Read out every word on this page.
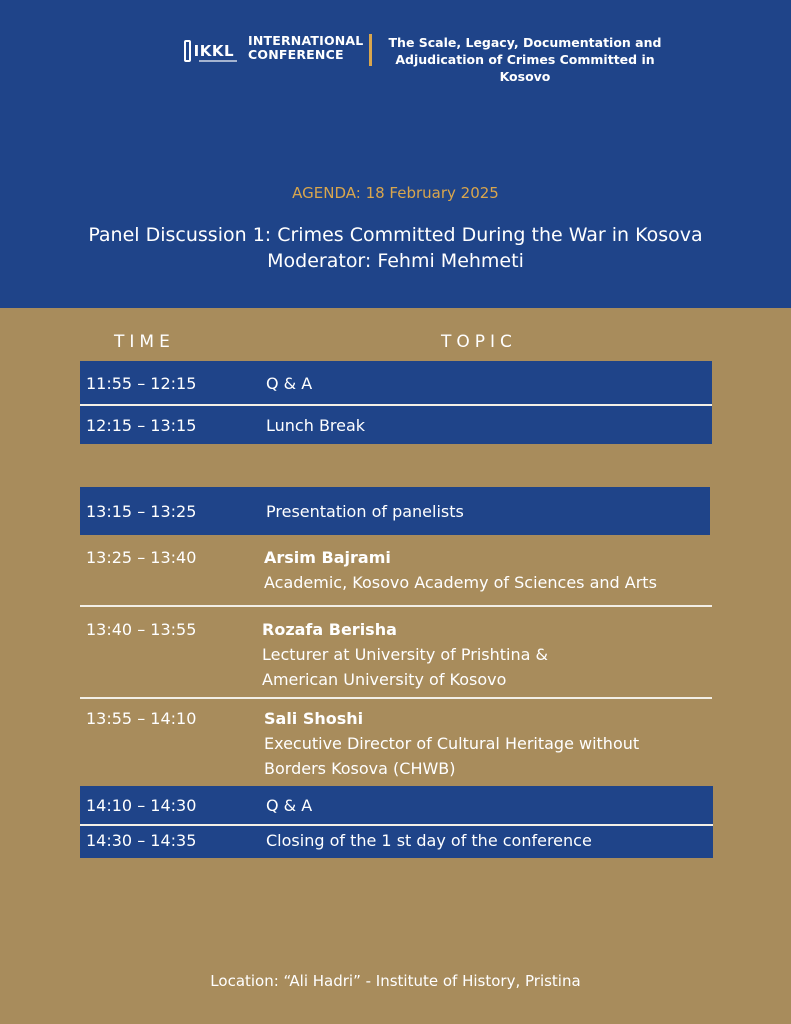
IKKL
INTERNATIONAL
CONFERENCE
The Scale, Legacy, Documentation and
Adjudication of Crimes Committed in Kosovo
AGENDA: 18 February 2025
Panel Discussion 1: Crimes Committed During the War in Kosova
Moderator: Fehmi Mehmeti
TIME	TOPIC
11:55 – 12:15	Q & A
12:15 – 13:15	Lunch Break
13:15 – 13:25	Presentation of panelists
13:25 – 13:40	Arsim Bajrami
Academic, Kosovo Academy of Sciences and Arts
13:40 – 13:55	Rozafa Berisha
Lecturer at University of Prishtina &
American University of Kosovo
13:55 – 14:10	Sali Shoshi
Executive Director of Cultural Heritage without
Borders Kosova (CHWB)
14:10 – 14:30	Q & A
14:30 – 14:35	Closing of the 1 st day of the conference
Location: “Ali Hadri” - Institute of History, Pristina
